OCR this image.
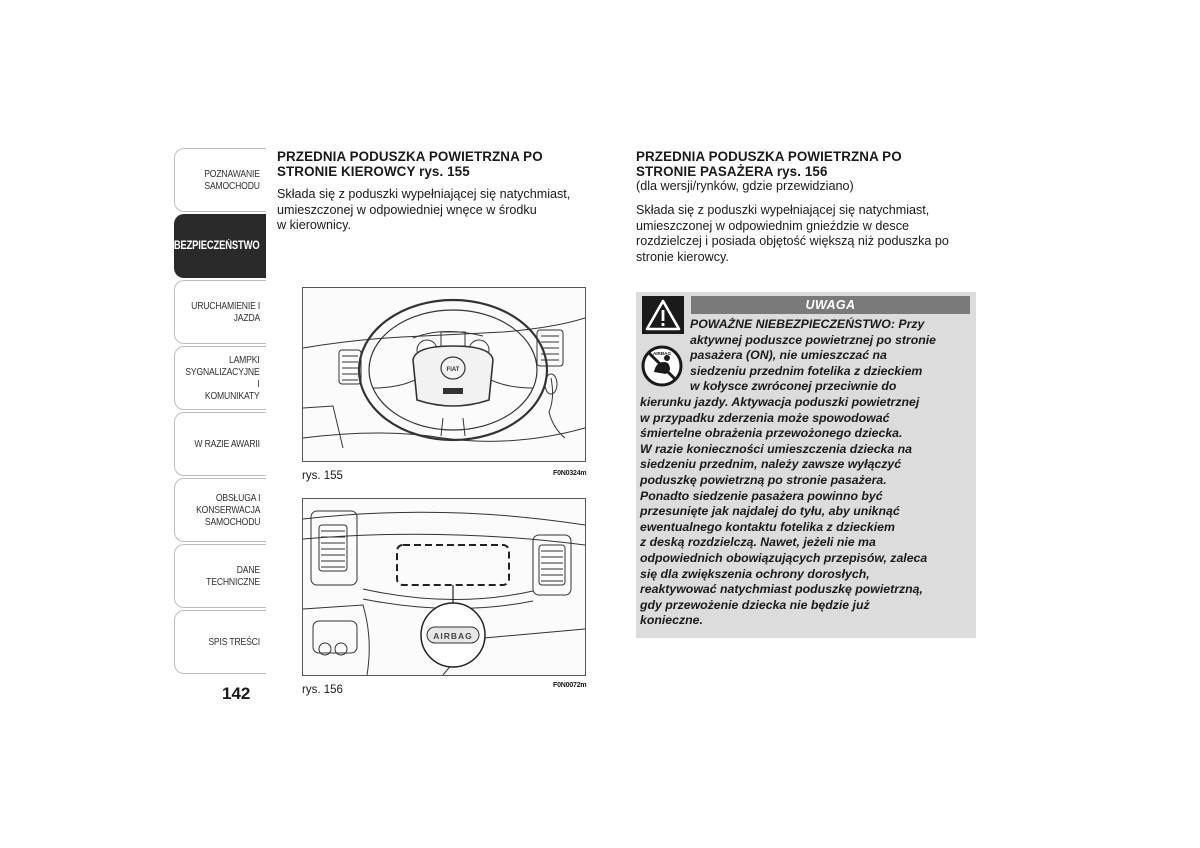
POZNAWANIE
SAMOCHODU
BEZPIECZEŃSTWO
URUCHAMIENIE I
JAZDA
LAMPKI
SYGNALIZACYJNE I
KOMUNIKATY
W RAZIE AWARII
OBSŁUGA I
KONSERWACJA
SAMOCHODU
DANE TECHNICZNE
SPIS TREŚCI
142
PRZEDNIA PODUSZKA POWIETRZNA PO
STRONIE KIEROWCY rys. 155
Składa się z poduszki wypełniającej się natychmiast,
umieszczonej w odpowiedniej wnęce w środku
w kierownicy.
FIAT
rys. 155	F0N0324m
AIRBAG
rys. 156	F0N0072m
PRZEDNIA PODUSZKA POWIETRZNA PO
STRONIE PASAŻERA rys. 156
(dla wersji/rynków, gdzie przewidziano)
Składa się z poduszki wypełniającej się natychmiast,
umieszczonej w odpowiednim gnieździe w desce
rozdzielczej i posiada objętość większą niż poduszka po
stronie kierowcy.
UWAGA
AIRBAG
POWAŻNE NIEBEZPIECZEŃSTWO: Przy
aktywnej poduszce powietrznej po stronie
pasażera (ON), nie umieszczać na
siedzeniu przednim fotelika z dzieckiem
w kołysce zwróconej przeciwnie do
kierunku jazdy. Aktywacja poduszki powietrznej
w przypadku zderzenia może spowodować
śmiertelne obrażenia przewożonego dziecka.
W razie konieczności umieszczenia dziecka na
siedzeniu przednim, należy zawsze wyłączyć
poduszkę powietrzną po stronie pasażera.
Ponadto siedzenie pasażera powinno być
przesunięte jak najdalej do tyłu, aby uniknąć
ewentualnego kontaktu fotelika z dzieckiem
z deską rozdzielczą. Nawet, jeżeli nie ma
odpowiednich obowiązujących przepisów, zaleca
się dla zwiększenia ochrony dorosłych,
reaktywować natychmiast poduszkę powietrzną,
gdy przewożenie dziecka nie będzie już
konieczne.
